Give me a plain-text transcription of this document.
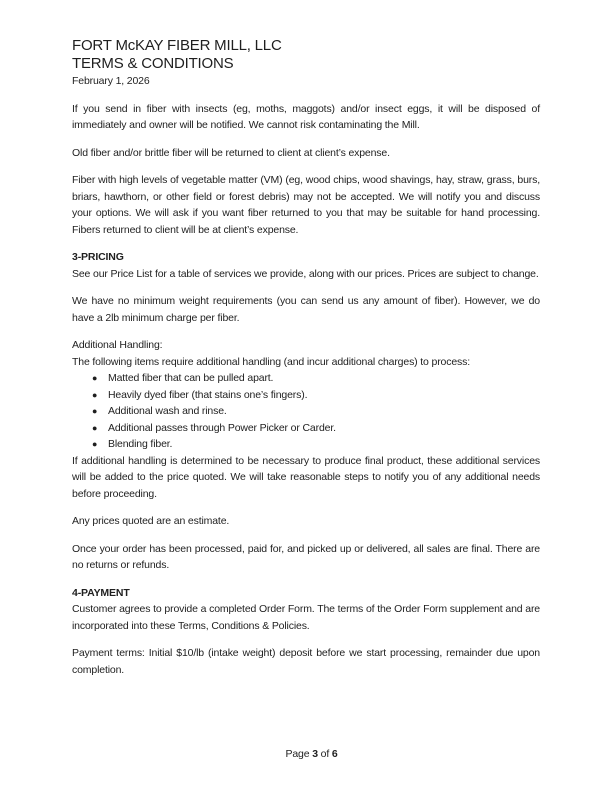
FORT McKAY FIBER MILL, LLC
TERMS & CONDITIONS
February 1, 2026

If you send in fiber with insects (eg, moths, maggots) and/or insect eggs, it will be disposed of immediately and owner will be notified. We cannot risk contaminating the Mill.

Old fiber and/or brittle fiber will be returned to client at client’s expense.

Fiber with high levels of vegetable matter (VM) (eg, wood chips, wood shavings, hay, straw, grass, burs, briars, hawthorn, or other field or forest debris) may not be accepted. We will notify you and discuss your options. We will ask if you want fiber returned to you that may be suitable for hand processing. Fibers returned to client will be at client’s expense.

3-PRICING

See our Price List for a table of services we provide, along with our prices. Prices are subject to change.

We have no minimum weight requirements (you can send us any amount of fiber). However, we do have a 2lb minimum charge per fiber.

Additional Handling:

The following items require additional handling (and incur additional charges) to process:

●	Matted fiber that can be pulled apart.
●	Heavily dyed fiber (that stains one’s fingers).
●	Additional wash and rinse.
●	Additional passes through Power Picker or Carder.
●	Blending fiber.

If additional handling is determined to be necessary to produce final product, these additional services will be added to the price quoted. We will take reasonable steps to notify you of any additional needs before proceeding.

Any prices quoted are an estimate.

Once your order has been processed, paid for, and picked up or delivered, all sales are final. There are no returns or refunds.

4-PAYMENT

Customer agrees to provide a completed Order Form. The terms of the Order Form supplement and are incorporated into these Terms, Conditions & Policies.

Payment terms: Initial $10/lb (intake weight) deposit before we start processing, remainder due upon completion.

Page 3 of 6
